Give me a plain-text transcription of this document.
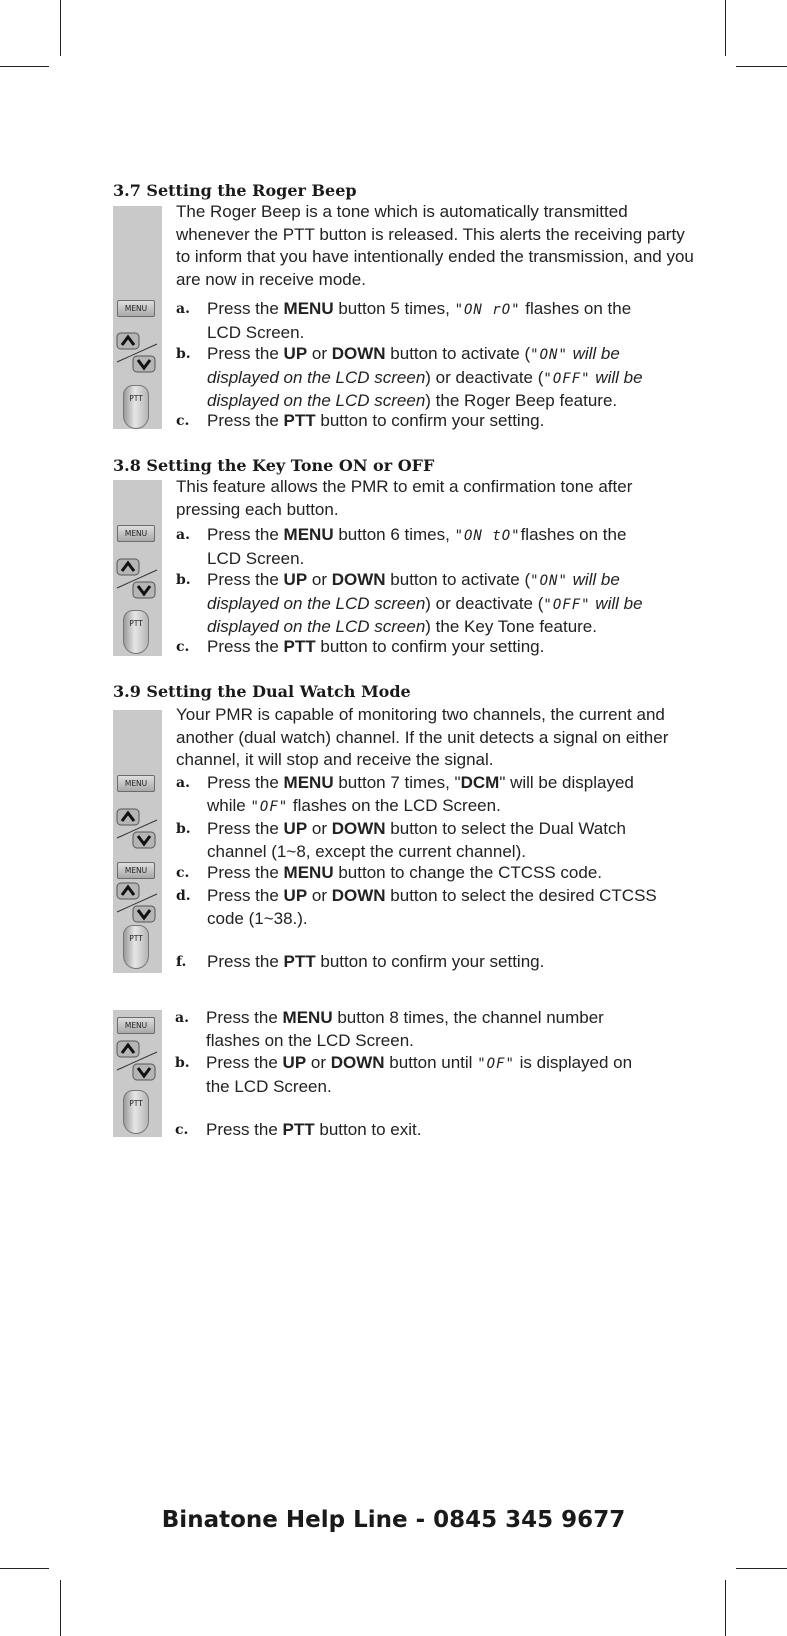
3.7 Setting the Roger Beep
MENU
PTT
The Roger Beep is a tone which is automatically transmitted whenever the PTT button is released. This alerts the receiving party to inform that you have intentionally ended the transmission, and you are now in receive mode.
a. Press the MENU button 5 times, "ON rO" flashes on the
LCD Screen.
b. Press the UP or DOWN button to activate ("ON" will be
displayed on the LCD screen) or deactivate ("OFF" will be
displayed on the LCD screen) the Roger Beep feature.
c. Press the PTT button to confirm your setting.
3.8 Setting the Key Tone ON or OFF
MENU
PTT
This feature allows the PMR to emit a confirmation tone after pressing each button.
a. Press the MENU button 6 times, "ON tO"flashes on the
LCD Screen.
b. Press the UP or DOWN button to activate ("ON" will be
displayed on the LCD screen) or deactivate ("OFF" will be
displayed on the LCD screen) the Key Tone feature.
c. Press the PTT button to confirm your setting.
3.9 Setting the Dual Watch Mode
MENU
MENU
PTT
Your PMR is capable of monitoring two channels, the current and another (dual watch) channel. If the unit detects a signal on either channel, it will stop and receive the signal.
a. Press the MENU button 7 times, "DCM" will be displayed
while "OF" flashes on the LCD Screen.
b. Press the UP or DOWN button to select the Dual Watch
channel (1~8, except the current channel).
c. Press the MENU button to change the CTCSS code.
d. Press the UP or DOWN button to select the desired CTCSS
code (1~38.).
f. Press the PTT button to confirm your setting.
MENU
PTT
a. Press the MENU button 8 times, the channel number
flashes on the LCD Screen.
b. Press the UP or DOWN button until "OF" is displayed on
the LCD Screen.
c. Press the PTT button to exit.
Binatone Help Line - 0845 345 9677
